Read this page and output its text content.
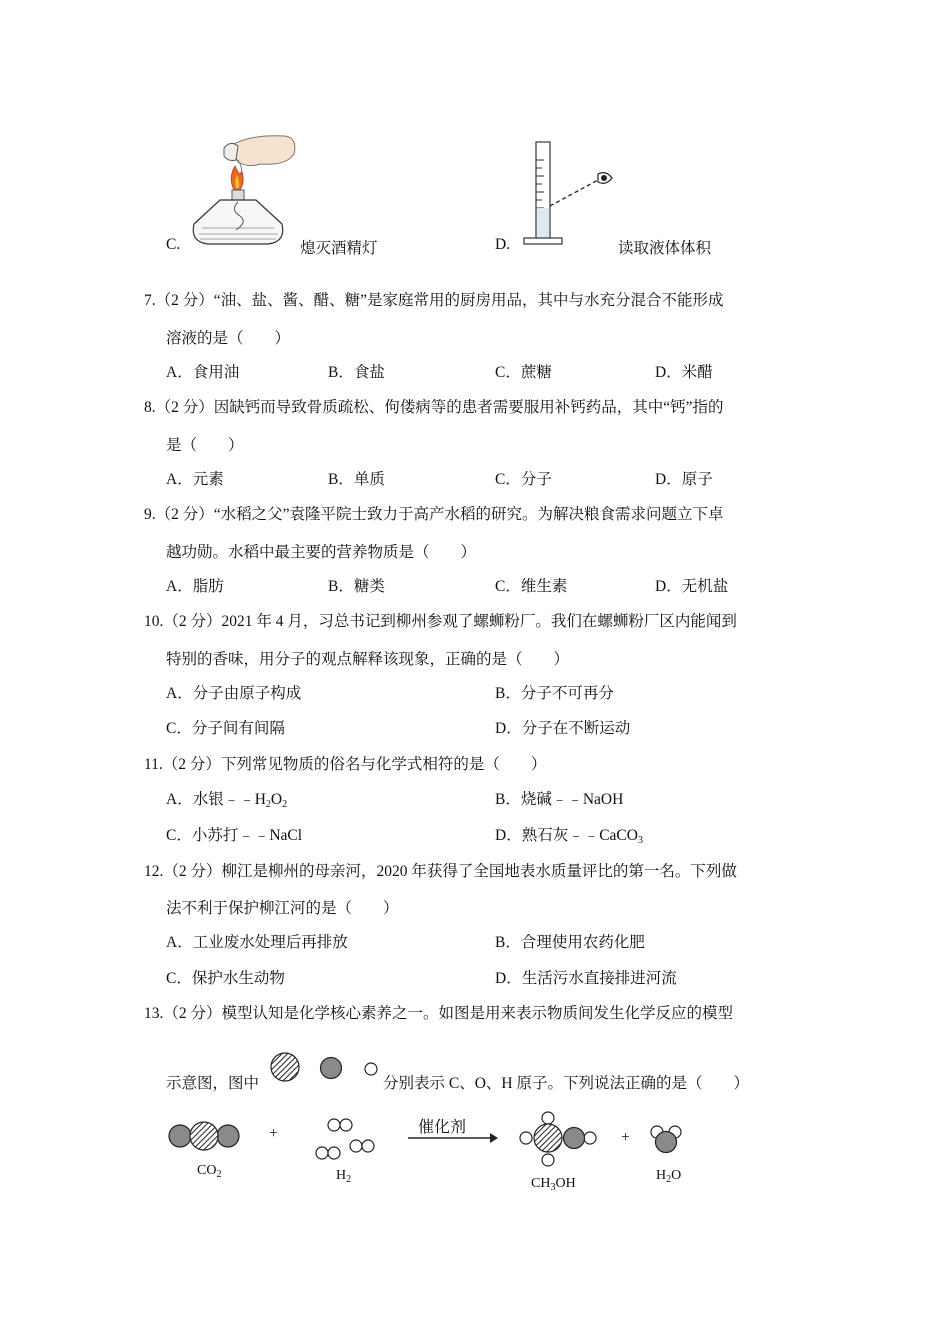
C.	熄灭酒精灯	D.	读取液体体积
7.（2 分）“油、盐、酱、醋、糖”是家庭常用的厨房用品，其中与水充分混合不能形成
溶液的是（　　）
A．食用油	B．食盐	C．蔗糖	D．米醋
8.（2 分）因缺钙而导致骨质疏松、佝偻病等的患者需要服用补钙药品，其中“钙”指的
是（　　）
A．元素	B．单质	C．分子	D．原子
9.（2 分）“水稻之父”袁隆平院士致力于高产水稻的研究。为解决粮食需求问题立下卓
越功勋。水稻中最主要的营养物质是（　　）
A．脂肪	B．糖类	C．维生素	D．无机盐
10.（2 分）2021 年 4 月，习总书记到柳州参观了螺蛳粉厂。我们在螺蛳粉厂区内能闻到
特别的香味，用分子的观点解释该现象，正确的是（　　）
A．分子由原子构成	B．分子不可再分
C．分子间有间隔	D．分子在不断运动
11.（2 分）下列常见物质的俗名与化学式相符的是（　　）
A．水银$﹣﹣H_2O_2$	B．烧碱﹣﹣NaOH
C．小苏打﹣﹣NaCl	D．熟石灰﹣﹣CaCO$_3$
12.（2 分）柳江是柳州的母亲河，2020 年获得了全国地表水质量评比的第一名。下列做
法不利于保护柳江河的是（　　）
A．工业废水处理后再排放	B．合理使用农药化肥
C．保护水生动物	D．生活污水直接排进河流
13.（2 分）模型认知是化学核心素养之一。如图是用来表示物质间发生化学反应的模型
示意图，图中	分别表示 C、O、H 原子。下列说法正确的是（　　）
+	催化剂
+
$CO_2$	$H_2$	$CH_3OH$
$H_2O$
